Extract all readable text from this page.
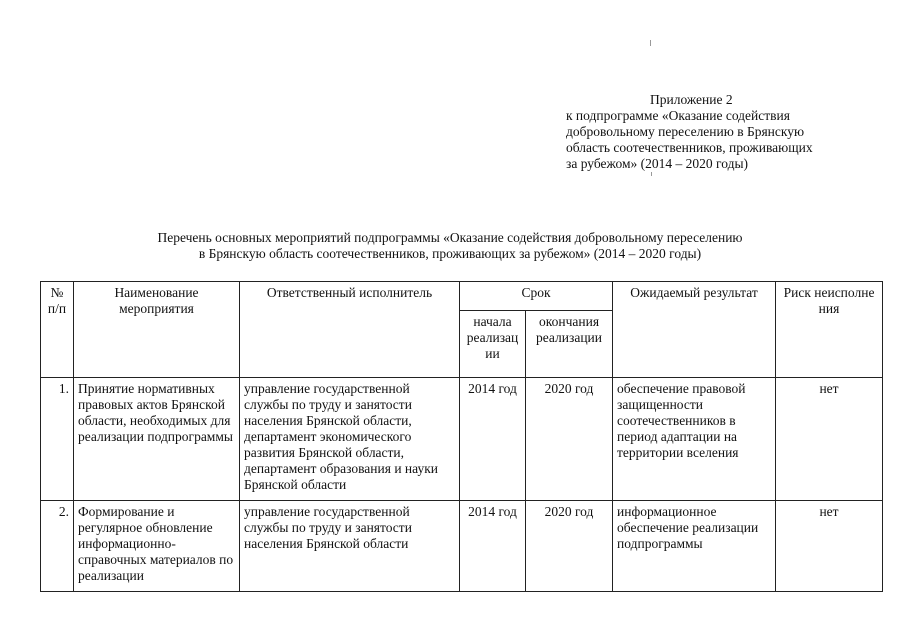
Приложение 2
к подпрограмме «Оказание содействия
добровольному переселению в Брянскую
область соотечественников, проживающих
за рубежом» (2014 – 2020 годы)
Перечень основных мероприятий подпрограммы «Оказание содействия добровольному переселению
в Брянскую область соотечественников, проживающих за рубежом» (2014 – 2020 годы)
№ п/п	Наименование мероприятия	Ответственный исполнитель	Срок		Ожидаемый результат	Риск неисполне ния
			начала реализац ии	окончания реализации		
1.	Принятие нормативных правовых актов Брянской области, необходимых для реализации подпрограммы	управление государственной службы по труду и занятости населения Брянской области, департамент экономического развития Брянской области, департамент образования и науки Брянской области	2014 год	2020 год	обеспечение правовой защищенности соотечественников в период адаптации на территории вселения	нет
2.	Формирование и регулярное обновление информационно-справочных материалов по реализации	управление государственной службы по труду и занятости населения Брянской области	2014 год	2020 год	информационное обеспечение реализации подпрограммы	нет
